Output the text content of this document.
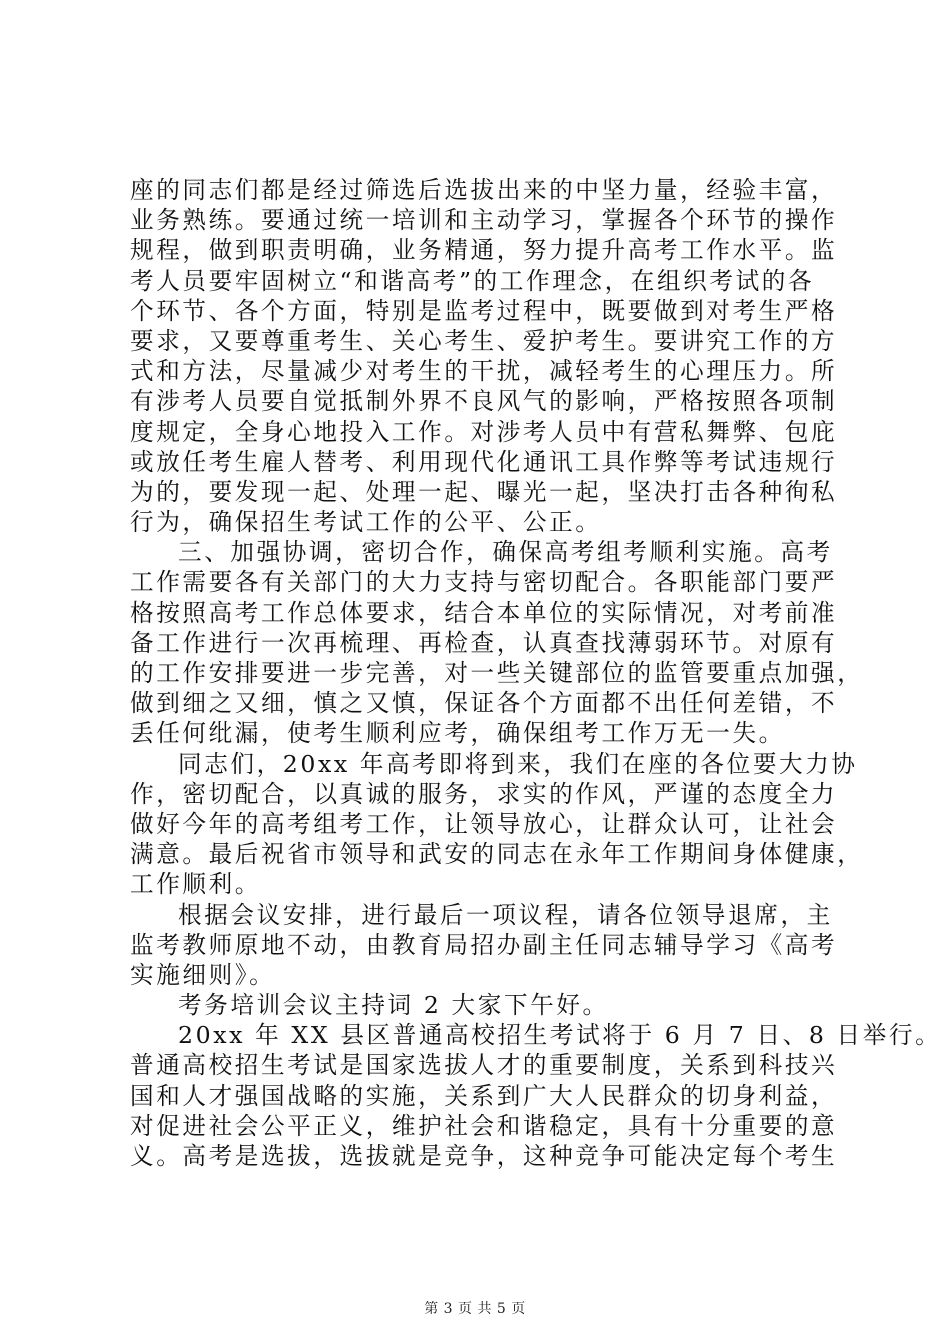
座的同志们都是经过筛选后选拔出来的中坚力量，经验丰富，
业务熟练。要通过统一培训和主动学习，掌握各个环节的操作
规程，做到职责明确，业务精通，努力提升高考工作水平。监
考人员要牢固树立“和谐高考”的工作理念，在组织考试的各
个环节、各个方面，特别是监考过程中，既要做到对考生严格
要求，又要尊重考生、关心考生、爱护考生。要讲究工作的方
式和方法，尽量减少对考生的干扰，减轻考生的心理压力。所
有涉考人员要自觉抵制外界不良风气的影响，严格按照各项制
度规定，全身心地投入工作。对涉考人员中有营私舞弊、包庇
或放任考生雇人替考、利用现代化通讯工具作弊等考试违规行
为的，要发现一起、处理一起、曝光一起，坚决打击各种徇私
行为，确保招生考试工作的公平、公正。
三、加强协调，密切合作，确保高考组考顺利实施。高考
工作需要各有关部门的大力支持与密切配合。各职能部门要严
格按照高考工作总体要求，结合本单位的实际情况，对考前准
备工作进行一次再梳理、再检查，认真查找薄弱环节。对原有
的工作安排要进一步完善，对一些关键部位的监管要重点加强，
做到细之又细，慎之又慎，保证各个方面都不出任何差错，不
丢任何纰漏，使考生顺利应考，确保组考工作万无一失。
同志们，20xx 年高考即将到来，我们在座的各位要大力协
作，密切配合，以真诚的服务，求实的作风，严谨的态度全力
做好今年的高考组考工作，让领导放心，让群众认可，让社会
满意。最后祝省市领导和武安的同志在永年工作期间身体健康，
工作顺利。
根据会议安排，进行最后一项议程，请各位领导退席，主
监考教师原地不动，由教育局招办副主任同志辅导学习《高考
实施细则》。
考务培训会议主持词 2 大家下午好。
20xx 年 XX 县区普通高校招生考试将于 6 月 7 日、8 日举行。
普通高校招生考试是国家选拔人才的重要制度，关系到科技兴
国和人才强国战略的实施，关系到广大人民群众的切身利益，
对促进社会公平正义，维护社会和谐稳定，具有十分重要的意
义。高考是选拔，选拔就是竞争，这种竞争可能决定每个考生
第 3 页 共 5 页
